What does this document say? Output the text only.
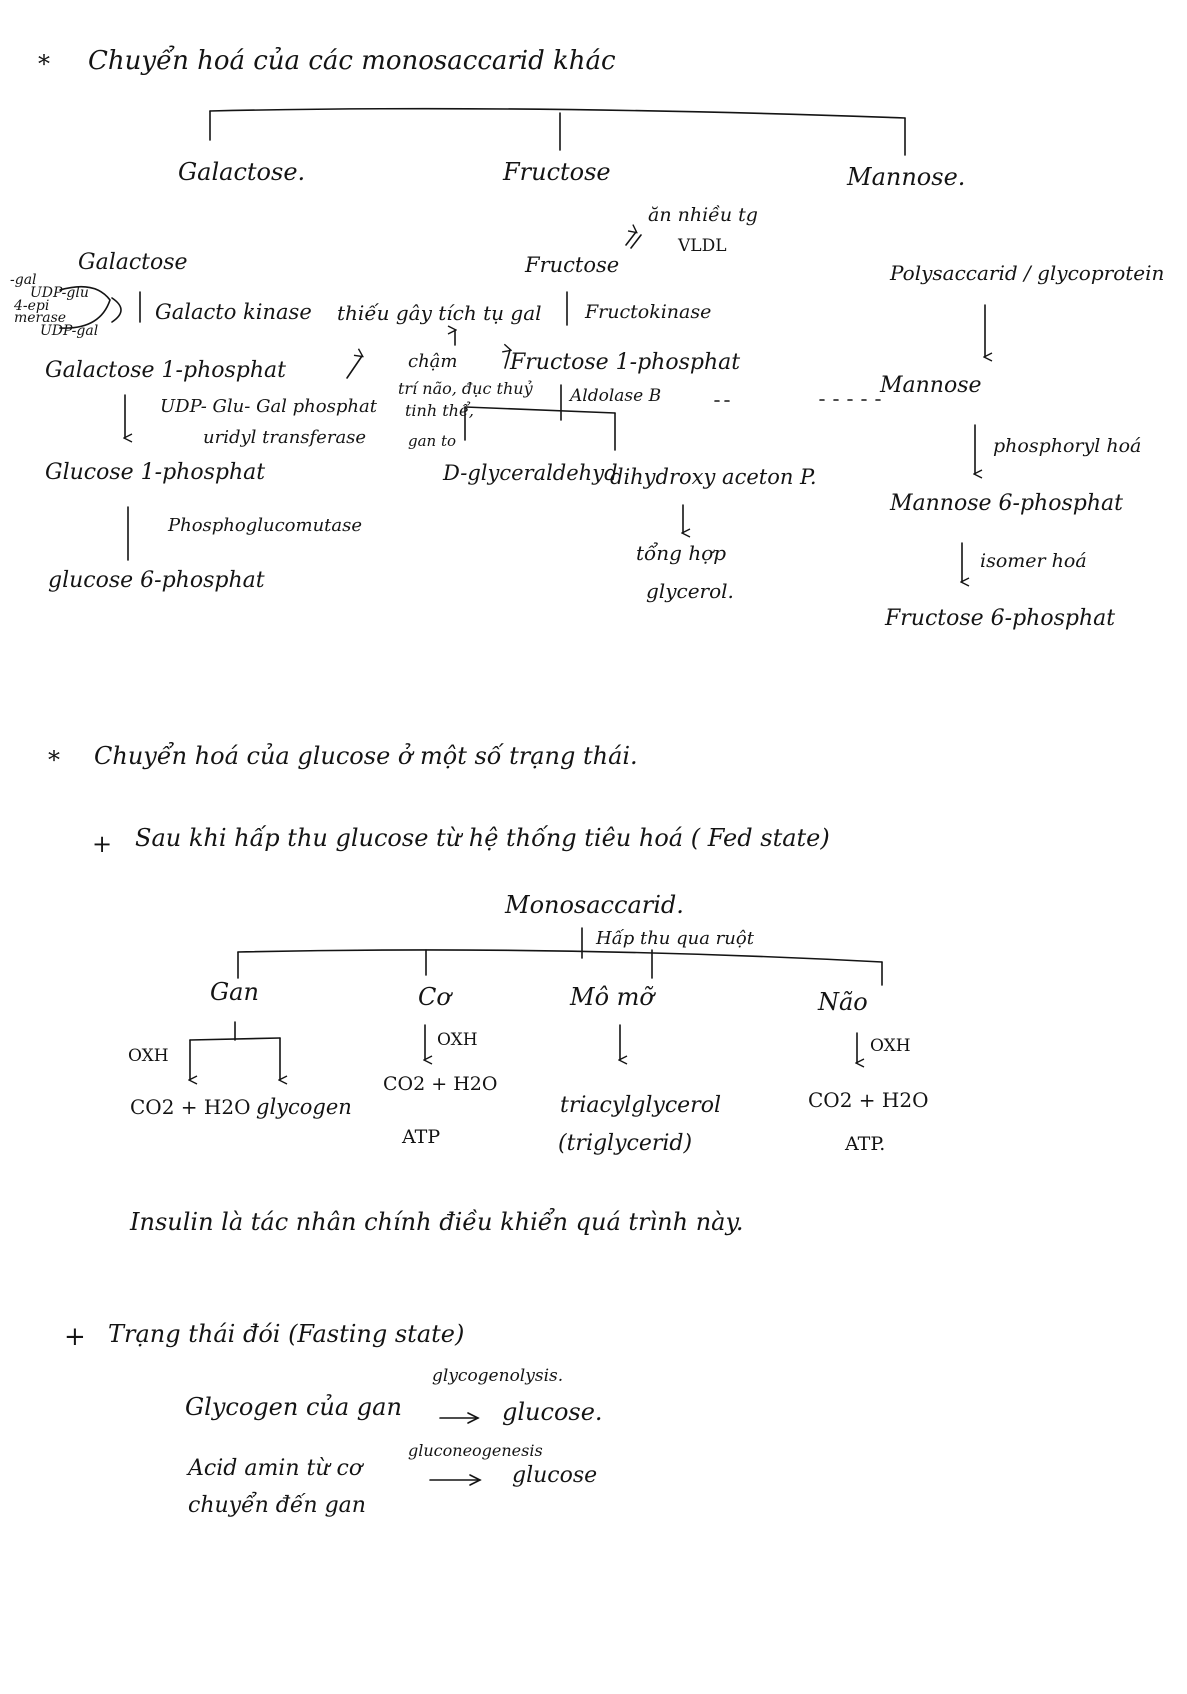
* Chuyển hoá của các monosaccarid khác
Galactose.	Fructose	Mannose.
Galactose
-gal
UDP-glu
4-epi
merase
UDP-gal
Galacto kinase
Galactose 1-phosphat
UDP- Glu- Gal phosphat
uridyl transferase
Glucose 1-phosphat
Phosphoglucomutase
glucose 6-phosphat
ăn nhiều tg
VLDL
Fructose
thiếu gây tích tụ gal Fructokinase
Fructose 1-phosphat
chậm
trí não, đục thuỷ
tinh thể,
gan to
Aldolase B
D-glyceraldehyd
dihydroxy aceton P.
tổng hợp
glycerol.
Polysaccarid / glycoprotein
Mannose
phosphoryl hoá
Mannose 6-phosphat
isomer hoá
Fructose 6-phosphat
* Chuyển hoá của glucose ở một số trạng thái.
+ Sau khi hấp thu glucose từ hệ thống tiêu hoá ( Fed state)
Monosaccarid.
Hấp thu qua ruột
Gan	Cơ	Mô mỡ	Não
OXH
OXH	OXH
CO2 + H2O glycogen
CO2 + H2O
ATP
triacylglycerol
(triglycerid)
CO2 + H2O
ATP.
Insulin là tác nhân chính điều khiển quá trình này.
+ Trạng thái đói (Fasting state)
Glycogen của gan
glycogenolysis.
glucose.
Acid amin từ cơ
chuyển đến gan
gluconeogenesis
glucose
